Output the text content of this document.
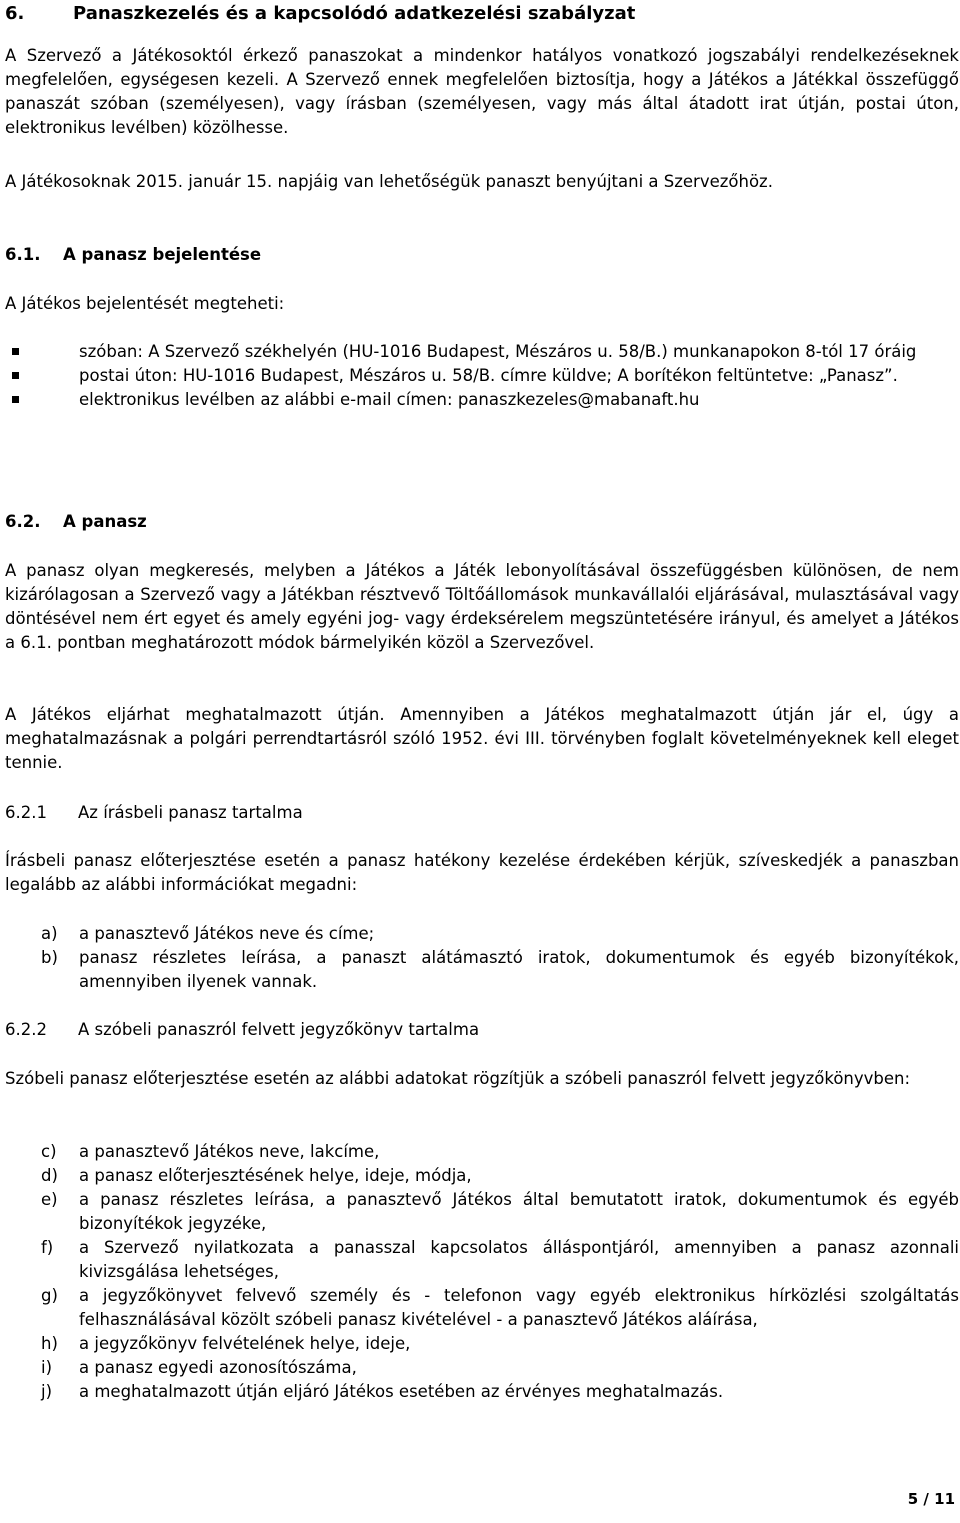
6.	Panaszkezelés és a kapcsolódó adatkezelési szabályzat
A Szervező a Játékosoktól érkező panaszokat a mindenkor hatályos vonatkozó jogszabályi rendelkezéseknek megfelelően, egységesen kezeli. A Szervező ennek megfelelően biztosítja, hogy a Játékos a Játékkal összefüggő panaszát szóban (személyesen), vagy írásban (személyesen, vagy más által átadott irat útján, postai úton, elektronikus levélben) közölhesse.
A Játékosoknak 2015. január 15. napjáig van lehetőségük panaszt benyújtani a Szervezőhöz.
6.1. A panasz bejelentése
A Játékos bejelentését megteheti:
szóban: A Szervező székhelyén (HU-1016 Budapest, Mészáros u. 58/B.) munkanapokon 8-tól 17 óráig
postai úton: HU-1016 Budapest, Mészáros u. 58/B. címre küldve; A borítékon feltüntetve: „Panasz”.
elektronikus levélben az alábbi e-mail címen: panaszkezeles@mabanaft.hu
6.2. A panasz
A panasz olyan megkeresés, melyben a Játékos a Játék lebonyolításával összefüggésben különösen, de nem kizárólagosan a Szervező vagy a Játékban résztvevő Töltőállomások munkavállalói eljárásával, mulasztásával vagy döntésével nem ért egyet és amely egyéni jog- vagy érdeksérelem megszüntetésére irányul, és amelyet a Játékos a 6.1. pontban meghatározott módok bármelyikén közöl a Szervezővel.
A Játékos eljárhat meghatalmazott útján. Amennyiben a Játékos meghatalmazott útján jár el, úgy a meghatalmazásnak a polgári perrendtartásról szóló 1952. évi III. törvényben foglalt követelményeknek kell eleget tennie.
6.2.1 Az írásbeli panasz tartalma
Írásbeli panasz előterjesztése esetén a panasz hatékony kezelése érdekében kérjük, szíveskedjék a panaszban legalább az alábbi információkat megadni:
a) a panasztevő Játékos neve és címe;
b) panasz részletes leírása, a panaszt alátámasztó iratok, dokumentumok és egyéb bizonyítékok, amennyiben ilyenek vannak.
6.2.2 A szóbeli panaszról felvett jegyzőkönyv tartalma
Szóbeli panasz előterjesztése esetén az alábbi adatokat rögzítjük a szóbeli panaszról felvett jegyzőkönyvben:
c) a panasztevő Játékos neve, lakcíme,
d) a panasz előterjesztésének helye, ideje, módja,
e) a panasz részletes leírása, a panasztevő Játékos által bemutatott iratok, dokumentumok és egyéb bizonyítékok jegyzéke,
f) a Szervező nyilatkozata a panasszal kapcsolatos álláspontjáról, amennyiben a panasz azonnali kivizsgálása lehetséges,
g) a jegyzőkönyvet felvevő személy és - telefonon vagy egyéb elektronikus hírközlési szolgáltatás felhasználásával közölt szóbeli panasz kivételével - a panasztevő Játékos aláírása,
h) a jegyzőkönyv felvételének helye, ideje,
i) a panasz egyedi azonosítószáma,
j) a meghatalmazott útján eljáró Játékos esetében az érvényes meghatalmazás.
5 / 11
